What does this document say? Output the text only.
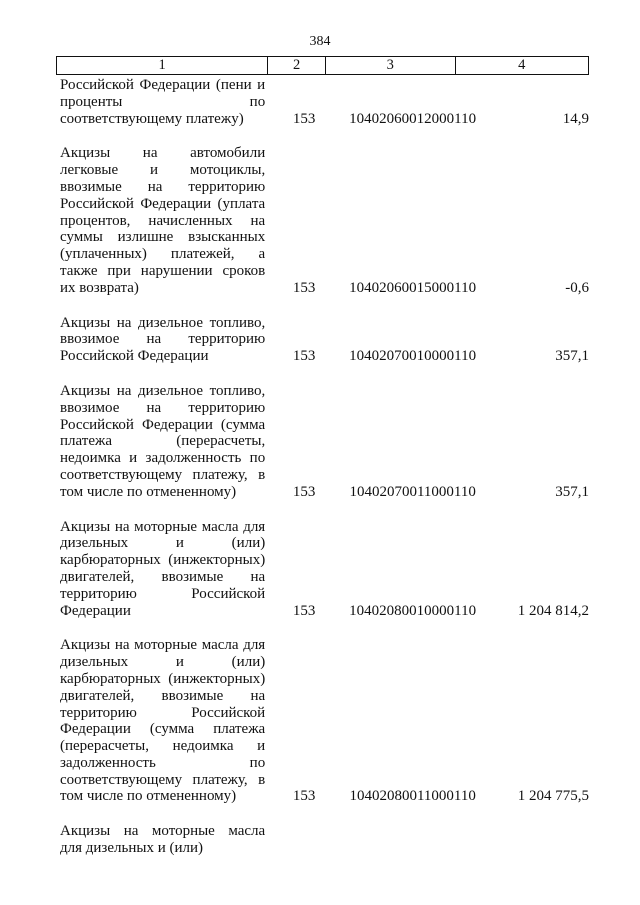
384
1	2	3	4
Российской Федерации (пени и
проценты по
соответствующему платежу)	153	10402060012000110	14,9
Акцизы на автомобили
легковые и мотоциклы,
ввозимые на территорию
Российской Федерации (уплата
процентов, начисленных на
суммы излишне взысканных
(уплаченных) платежей, а
также при нарушении сроков
их возврата)	153	10402060015000110	-0,6
Акцизы на дизельное топливо,
ввозимое на территорию
Российской Федерации	153	10402070010000110	357,1
Акцизы на дизельное топливо,
ввозимое на территорию
Российской Федерации (сумма
платежа (перерасчеты,
недоимка и задолженность по
соответствующему платежу, в
том числе по отмененному)	153	10402070011000110	357,1
Акцизы на моторные масла для
дизельных и (или)
карбюраторных (инжекторных)
двигателей, ввозимые на
территорию Российской
Федерации	153	10402080010000110	1 204 814,2
Акцизы на моторные масла для
дизельных и (или)
карбюраторных (инжекторных)
двигателей, ввозимые на
территорию Российской
Федерации (сумма платежа
(перерасчеты, недоимка и
задолженность по
соответствующему платежу, в
том числе по отмененному)	153	10402080011000110	1 204 775,5
Акцизы на моторные масла
для дизельных и (или)
